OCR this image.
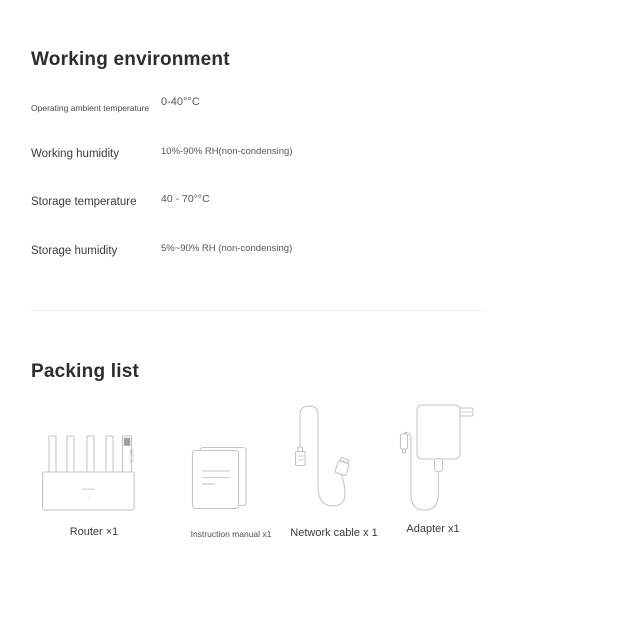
Working environment
Operating ambient temperature 0-40°°C
Working humidity	10%-90% RH(non-condensing)
Storage temperature 40 - 70°°C
Storage humidity	5%~90% RH (non-condensing)
Packing list
WiFi 6
Router ×1	Instruction manual x1	Network cable x 1	Adapter x1
